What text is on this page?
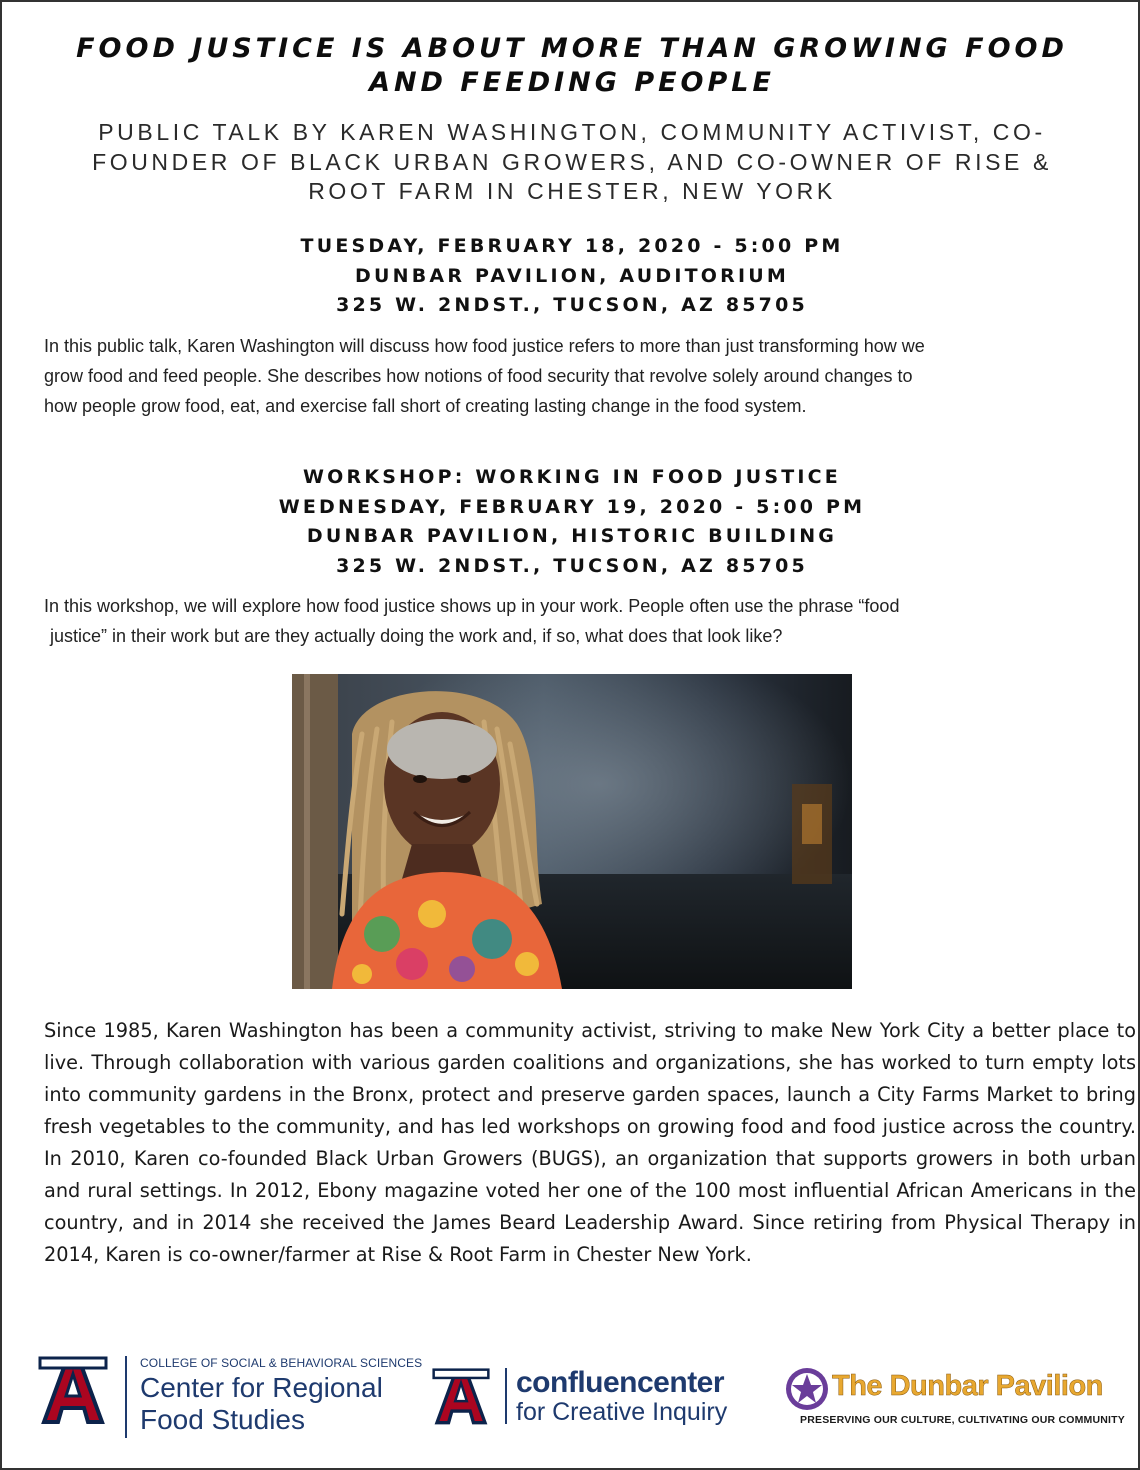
FOOD JUSTICE IS ABOUT MORE THAN GROWING FOOD
AND FEEDING PEOPLE
PUBLIC TALK BY KAREN WASHINGTON, COMMUNITY ACTIVIST, CO-
FOUNDER OF BLACK URBAN GROWERS, AND CO-OWNER OF RISE &
ROOT FARM IN CHESTER, NEW YORK
TUESDAY, FEBRUARY 18, 2020 - 5:00 PM
DUNBAR PAVILION, AUDITORIUM
325 W. 2NDST., TUCSON, AZ 85705
In this public talk, Karen Washington will discuss how food justice refers to more than just transforming how we
grow food and feed people. She describes how notions of food security that revolve solely around changes to
how people grow food, eat, and exercise fall short of creating lasting change in the food system.
WORKSHOP: WORKING IN FOOD JUSTICE
WEDNESDAY, FEBRUARY 19, 2020 - 5:00 PM
DUNBAR PAVILION, HISTORIC BUILDING
325 W. 2NDST., TUCSON, AZ 85705
In this workshop, we will explore how food justice shows up in your work. People often use the phrase “food
justice” in their work but are they actually doing the work and, if so, what does that look like?
Since 1985, Karen Washington has been a community activist, striving to make New York City a better place to live. Through collaboration with various garden coalitions and organizations, she has worked to turn empty lots into community gardens in the Bronx, protect and preserve garden spaces, launch a City Farms Market to bring fresh vegetables to the community, and has led workshops on growing food and food justice across the country. In 2010, Karen co-founded Black Urban Growers (BUGS), an organization that supports growers in both urban and rural settings. In 2012, Ebony magazine voted her one of the 100 most influential African Americans in the country, and in 2014 she received the James Beard Leadership Award. Since retiring from Physical Therapy in 2014, Karen is co-owner/farmer at Rise & Root Farm in Chester New York.
COLLEGE OF SOCIAL & BEHAVIORAL SCIENCES
Center for Regional
Food Studies
confluencenter
for Creative Inquiry
The Dunbar Pavilion
PRESERVING OUR CULTURE, CULTIVATING OUR COMMUNITY
